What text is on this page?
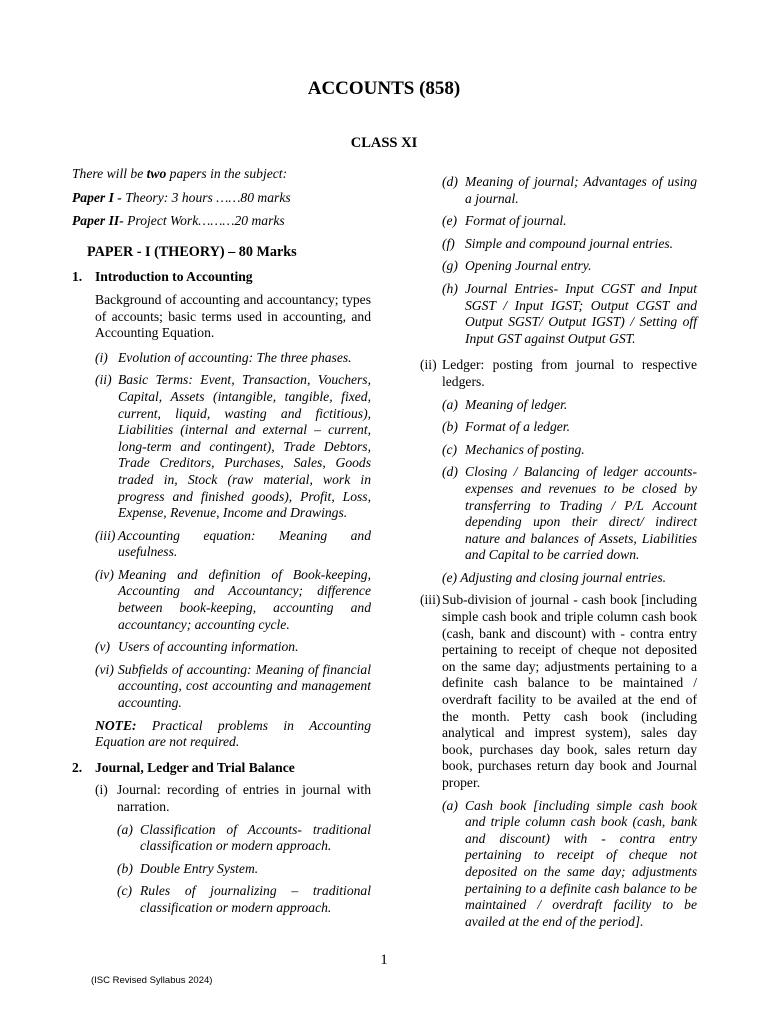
ACCOUNTS (858)
CLASS XI

There will be two papers in the subject:

Paper I - Theory: 3 hours ……80 marks

Paper II- Project Work………20 marks

PAPER - I (THEORY) – 80 Marks
1. Introduction to Accounting

Background of accounting and accountancy; types of accounts; basic terms used in accounting, and Accounting Equation.

(i) Evolution of accounting: The three phases.
(ii) Basic Terms: Event, Transaction, Vouchers, Capital, Assets (intangible, tangible, fixed, current, liquid, wasting and fictitious), Liabilities (internal and external – current, long-term and contingent), Trade Debtors, Trade Creditors, Purchases, Sales, Goods traded in, Stock (raw material, work in progress and finished goods), Profit, Loss, Expense, Revenue, Income and Drawings.
(iii) Accounting equation: Meaning and usefulness.
(iv) Meaning and definition of Book-keeping, Accounting and Accountancy; difference between book-keeping, accounting and accountancy; accounting cycle.
(v) Users of accounting information.
(vi) Subfields of accounting: Meaning of financial accounting, cost accounting and management accounting.

NOTE: Practical problems in Accounting Equation are not required.

2. Journal, Ledger and Trial Balance
(i) Journal: recording of entries in journal with narration.
(a) Classification of Accounts- traditional classification or modern approach.
(b) Double Entry System.
(c) Rules of journalizing – traditional classification or modern approach.
(d) Meaning of journal; Advantages of using a journal.
(e) Format of journal.
(f) Simple and compound journal entries.
(g) Opening Journal entry.
(h) Journal Entries- Input CGST and Input SGST / Input IGST; Output CGST and Output SGST/ Output IGST) / Setting off Input GST against Output GST.
(ii) Ledger: posting from journal to respective ledgers.
(a) Meaning of ledger.
(b) Format of a ledger.
(c) Mechanics of posting.
(d) Closing / Balancing of ledger accounts- expenses and revenues to be closed by transferring to Trading / P/L Account depending upon their direct/ indirect nature and balances of Assets, Liabilities and Capital to be carried down.
(e) Adjusting and closing journal entries.
(iii) Sub-division of journal - cash book [including simple cash book and triple column cash book (cash, bank and discount) with - contra entry pertaining to receipt of cheque not deposited on the same day; adjustments pertaining to a definite cash balance to be maintained / overdraft facility to be availed at the end of the month. Petty cash book (including analytical and imprest system), sales day book, purchases day book, sales return day book, purchases return day book and Journal proper.
(a) Cash book [including simple cash book and triple column cash book (cash, bank and discount) with - contra entry pertaining to receipt of cheque not deposited on the same day; adjustments pertaining to a definite cash balance to be maintained / overdraft facility to be availed at the end of the period].
1
(ISC Revised Syllabus 2024)
